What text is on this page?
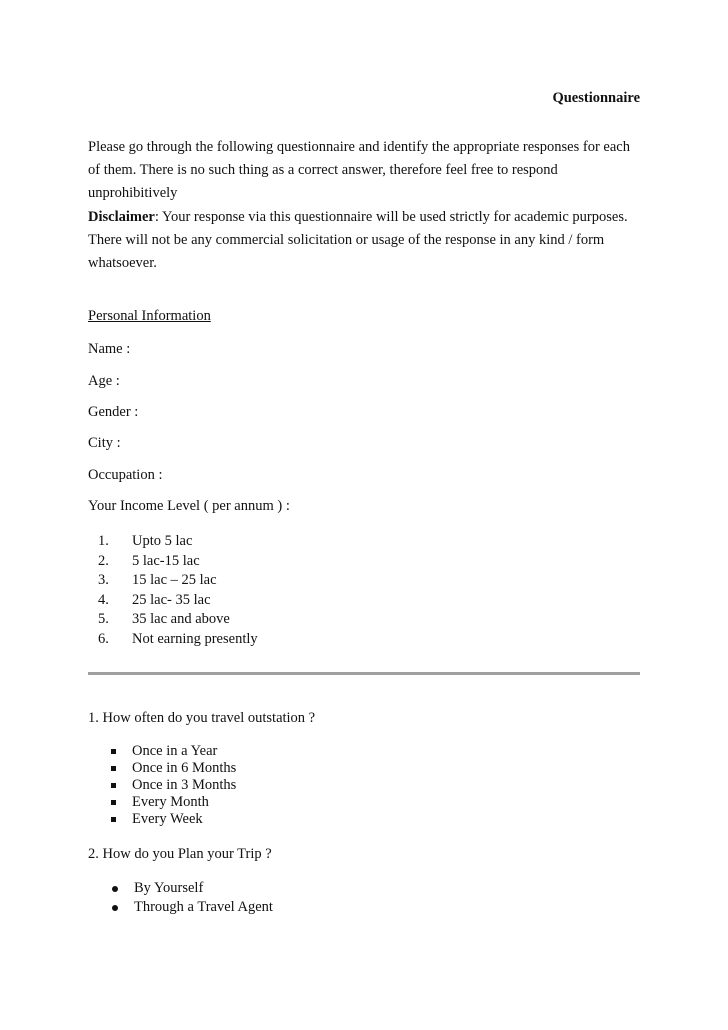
Questionnaire

Please go through the following questionnaire and identify the appropriate responses for each of them. There is no such thing as a correct answer, therefore feel free to respond unprohibitively

Disclaimer: Your response via this questionnaire will be used strictly for academic purposes. There will not be any commercial solicitation or usage of the response in any kind / form whatsoever.

Personal Information

Name :

Age :

Gender :

City :

Occupation :

Your Income Level ( per annum ) :

1.	Upto 5 lac
2.	5 lac-15 lac
3.	15 lac – 25 lac
4.	25 lac- 35 lac
5.	35 lac and above
6.	Not earning presently

1. How often do you travel outstation ?

Once in a Year
Once in 6 Months
Once in 3 Months
Every Month
Every Week

2. How do you Plan your Trip ?

By Yourself
Through a Travel Agent
